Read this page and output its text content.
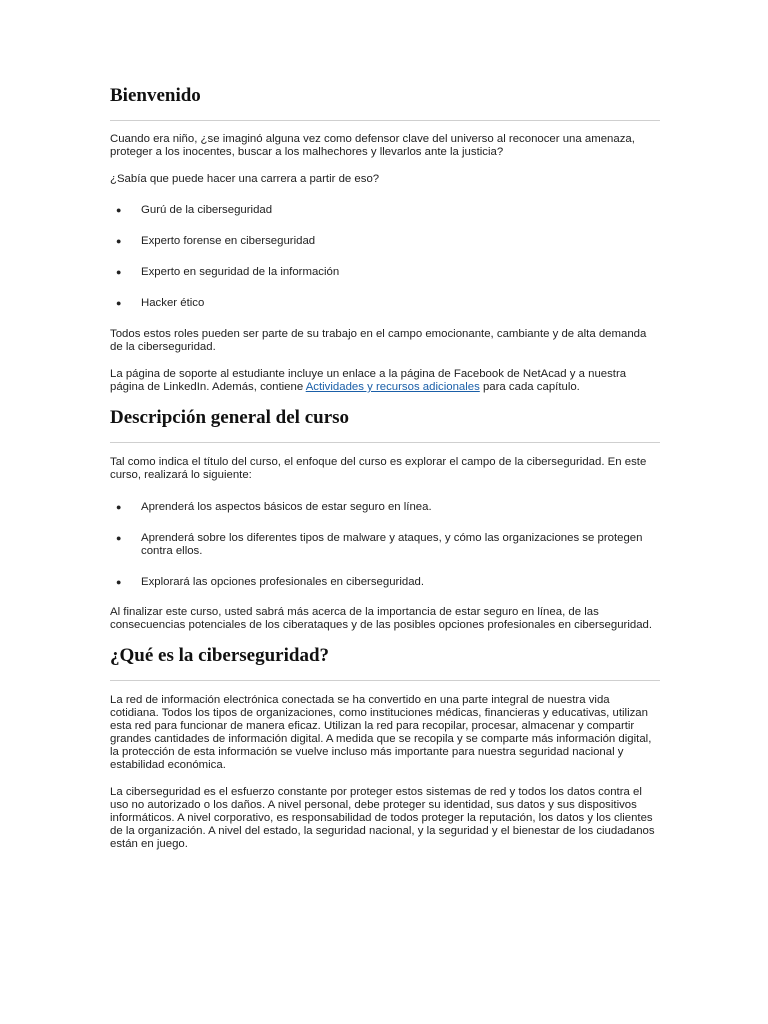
Bienvenido

Cuando era niño, ¿se imaginó alguna vez como defensor clave del universo al reconocer una amenaza, proteger a los inocentes, buscar a los malhechores y llevarlos ante la justicia?

¿Sabía que puede hacer una carrera a partir de eso?

● Gurú de la ciberseguridad
● Experto forense en ciberseguridad
● Experto en seguridad de la información
● Hacker ético

Todos estos roles pueden ser parte de su trabajo en el campo emocionante, cambiante y de alta demanda de la ciberseguridad.

La página de soporte al estudiante incluye un enlace a la página de Facebook de NetAcad y a nuestra página de LinkedIn. Además, contiene Actividades y recursos adicionales para cada capítulo.

Descripción general del curso

Tal como indica el título del curso, el enfoque del curso es explorar el campo de la ciberseguridad. En este curso, realizará lo siguiente:

● Aprenderá los aspectos básicos de estar seguro en línea.
● Aprenderá sobre los diferentes tipos de malware y ataques, y cómo las organizaciones se protegen contra ellos.
● Explorará las opciones profesionales en ciberseguridad.

Al finalizar este curso, usted sabrá más acerca de la importancia de estar seguro en línea, de las consecuencias potenciales de los ciberataques y de las posibles opciones profesionales en ciberseguridad.

¿Qué es la ciberseguridad?

La red de información electrónica conectada se ha convertido en una parte integral de nuestra vida cotidiana. Todos los tipos de organizaciones, como instituciones médicas, financieras y educativas, utilizan esta red para funcionar de manera eficaz. Utilizan la red para recopilar, procesar, almacenar y compartir grandes cantidades de información digital. A medida que se recopila y se comparte más información digital, la protección de esta información se vuelve incluso más importante para nuestra seguridad nacional y estabilidad económica.

La ciberseguridad es el esfuerzo constante por proteger estos sistemas de red y todos los datos contra el uso no autorizado o los daños. A nivel personal, debe proteger su identidad, sus datos y sus dispositivos informáticos. A nivel corporativo, es responsabilidad de todos proteger la reputación, los datos y los clientes de la organización. A nivel del estado, la seguridad nacional, y la seguridad y el bienestar de los ciudadanos están en juego.
